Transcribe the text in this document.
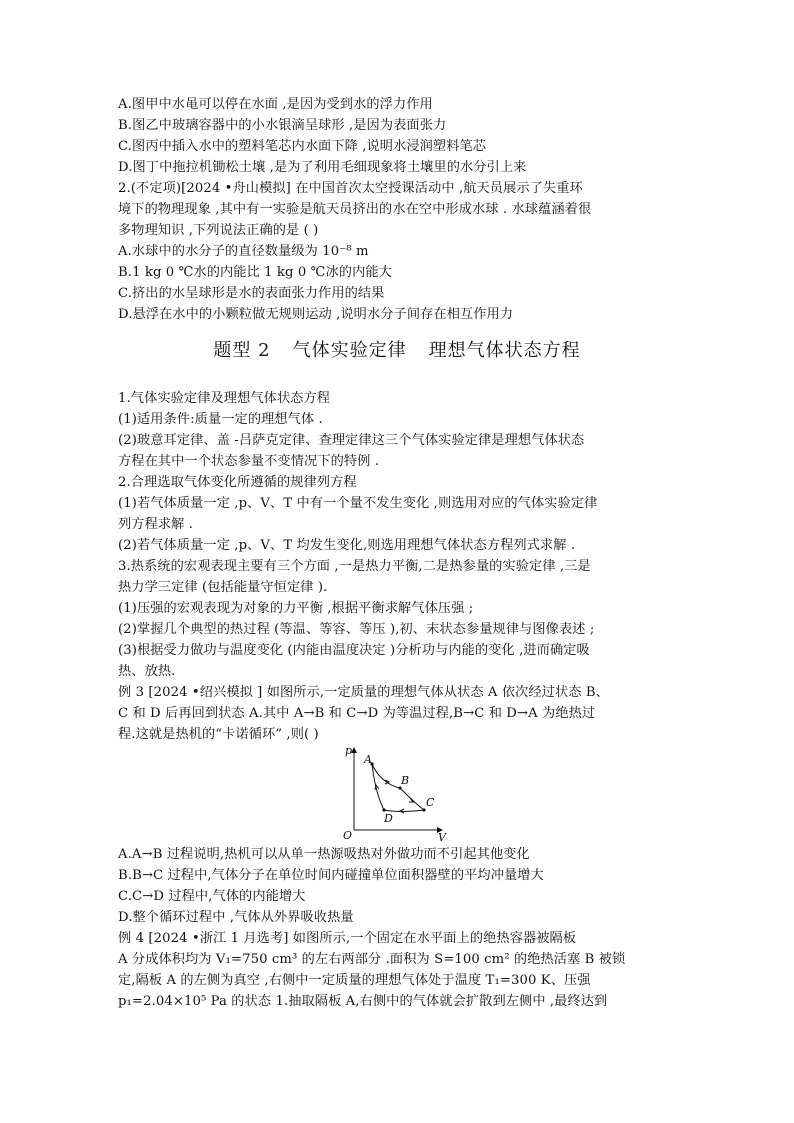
A.图甲中水黾可以停在水面 ,是因为受到水的浮力作用
B.图乙中玻璃容器中的小水银滴呈球形 ,是因为表面张力
C.图丙中插入水中的塑料笔芯内水面下降 ,说明水浸润塑料笔芯
D.图丁中拖拉机锄松土壤 ,是为了利用毛细现象将土壤里的水分引上来
2.(不定项)[2024 •舟山模拟] 在中国首次太空授课活动中 ,航天员展示了失重环
境下的物理现象 ,其中有一实验是航天员挤出的水在空中形成水球 . 水球蕴涵着很
多物理知识 ,下列说法正确的是 ( )
A.水球中的水分子的直径数量级为 10⁻⁸ m
B.1 kg 0 ℃水的内能比 1 kg 0 ℃冰的内能大
C.挤出的水呈球形是水的表面张力作用的结果
D.悬浮在水中的小颗粒做无规则运动 ,说明水分子间存在相互作用力
题型 2 气体实验定律 理想气体状态方程
1.气体实验定律及理想气体状态方程
(1)适用条件:质量一定的理想气体 .
(2)玻意耳定律、盖 -吕萨克定律、查理定律这三个气体实验定律是理想气体状态
方程在其中一个状态参量不变情况下的特例 .
2.合理选取气体变化所遵循的规律列方程
(1)若气体质量一定 ,p、V、T 中有一个量不发生变化 ,则选用对应的气体实验定律
列方程求解 .
(2)若气体质量一定 ,p、V、T 均发生变化,则选用理想气体状态方程列式求解 .
3.热系统的宏观表现主要有三个方面 ,一是热力平衡,二是热参量的实验定律 ,三是
热力学三定律 (包括能量守恒定律 ).
(1)压强的宏观表现为对象的力平衡 ,根据平衡求解气体压强 ;
(2)掌握几个典型的热过程 (等温、等容、等压 ),初、末状态参量规律与图像表述 ;
(3)根据受力做功与温度变化 (内能由温度决定 )分析功与内能的变化 ,进而确定吸
热、放热.
例 3 [2024 •绍兴模拟 ] 如图所示,一定质量的理想气体从状态 A 依次经过状态 B、
C 和 D 后再回到状态 A.其中 A→B 和 C→D 为等温过程,B→C 和 D→A 为绝热过
程.这就是热机的“卡诺循环” ,则( )
p
V
O
A
B
C
D
A.A→B 过程说明,热机可以从单一热源吸热对外做功而不引起其他变化
B.B→C 过程中,气体分子在单位时间内碰撞单位面积器壁的平均冲量增大
C.C→D 过程中,气体的内能增大
D.整个循环过程中 ,气体从外界吸收热量
例 4 [2024 •浙江 1 月选考] 如图所示,一个固定在水平面上的绝热容器被隔板
A 分成体积均为 V₁=750 cm³ 的左右两部分 .面积为 S=100 cm² 的绝热活塞 B 被锁
定,隔板 A 的左侧为真空 ,右侧中一定质量的理想气体处于温度 T₁=300 K、压强
p₁=2.04×10⁵ Pa 的状态 1.抽取隔板 A,右侧中的气体就会扩散到左侧中 ,最终达到
